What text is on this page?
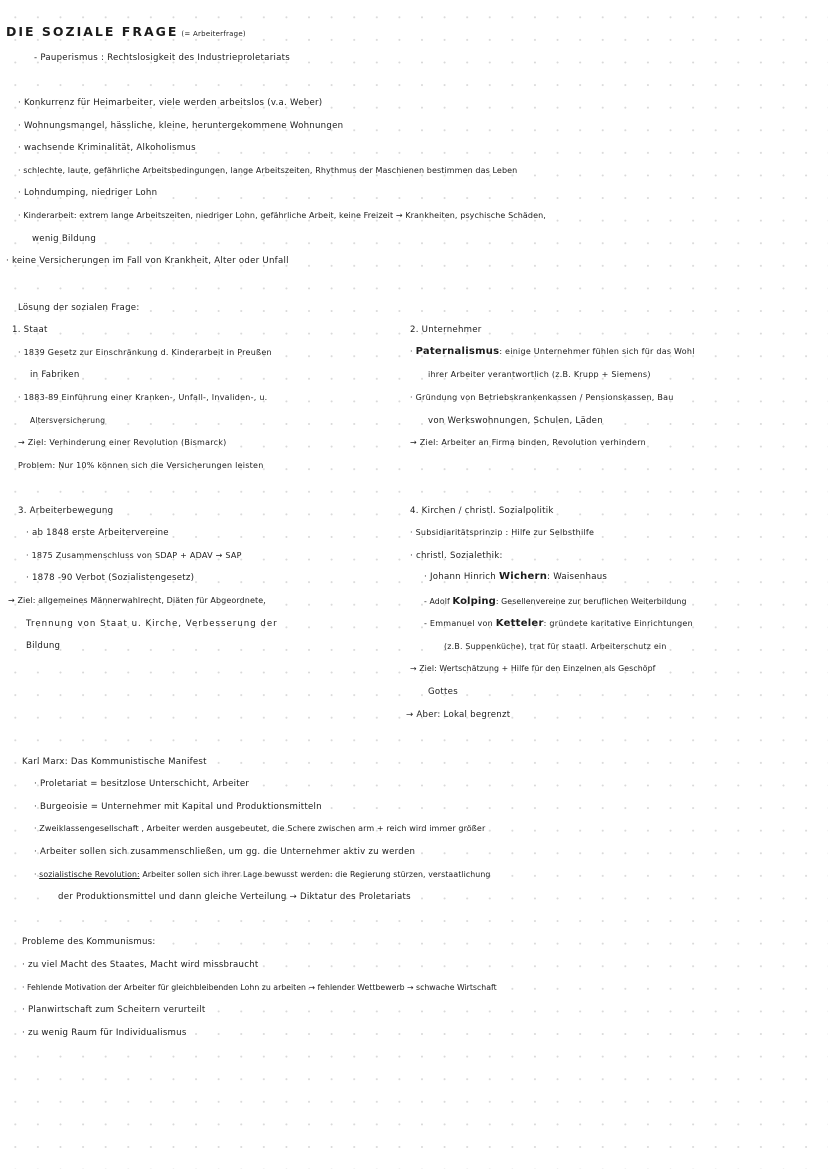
DIE SOZIALE FRAGE (= Arbeiterfrage)
- Pauperismus : Rechtslosigkeit des Industrieproletariats
· Konkurrenz für Heimarbeiter, viele werden arbeitslos (v.a. Weber)
· Wohnungsmangel, hässliche, kleine, heruntergekommene Wohnungen
· wachsende Kriminalität, Alkoholismus
· schlechte, laute, gefährliche Arbeitsbedingungen, lange Arbeitszeiten, Rhythmus der Maschienen bestimmen das Leben
· Lohndumping, niedriger Lohn
· Kinderarbeit: extrem lange Arbeitszeiten, niedriger Lohn, gefährliche Arbeit, keine Freizeit → Krankheiten, psychische Schäden,
wenig Bildung
· keine Versicherungen im Fall von Krankheit, Alter oder Unfall
Lösung der sozialen Frage:
1. Staat
· 1839 Gesetz zur Einschränkung d. Kinderarbeit in Preußen
in Fabriken
· 1883-89 Einführung einer Kranken-, Unfall-, Invaliden-, u.
Altersversicherung
→ Ziel: Verhinderung einer Revolution (Bismarck)
Problem: Nur 10% können sich die Versicherungen leisten
2. Unternehmer
· Paternalismus: einige Unternehmer fühlen sich für das Wohl
ihrer Arbeiter verantwortlich (z.B. Krupp + Siemens)
· Gründung von Betriebskrankenkassen / Pensionskassen, Bau
von Werkswohnungen, Schulen, Läden
→ Ziel: Arbeiter an Firma binden, Revolution verhindern
3. Arbeiterbewegung
· ab 1848 erste Arbeitervereine
· 1875 Zusammenschluss von SDAP + ADAV → SAP
· 1878 -90 Verbot (Sozialistengesetz)
→ Ziel: allgemeines Männerwahlrecht, Diäten für Abgeordnete,
Trennung von Staat u. Kirche, Verbesserung der
Bildung
4. Kirchen / christl. Sozialpolitik
· Subsidiaritätsprinzip : Hilfe zur Selbsthilfe
· christl. Sozialethik:
· Johann Hinrich Wichern: Waisenhaus
- Adolf Kolping: Gesellenvereine zur beruflichen Weiterbildung
- Emmanuel von Ketteler: gründete karitative Einrichtungen
(z.B. Suppenküche), trat für staatl. Arbeiterschutz ein
→ Ziel: Wertschätzung + Hilfe für den Einzelnen als Geschöpf
Gottes
→ Aber: Lokal begrenzt
Karl Marx: Das Kommunistische Manifest
· Proletariat = besitzlose Unterschicht, Arbeiter
· Burgeoisie = Unternehmer mit Kapital und Produktionsmitteln
· Zweiklassengesellschaft , Arbeiter werden ausgebeutet, die Schere zwischen arm + reich wird immer größer
· Arbeiter sollen sich zusammenschließen, um gg. die Unternehmer aktiv zu werden
· sozialistische Revolution: Arbeiter sollen sich ihrer Lage bewusst werden: die Regierung stürzen, verstaatlichung
der Produktionsmittel und dann gleiche Verteilung → Diktatur des Proletariats
Probleme des Kommunismus:
· zu viel Macht des Staates, Macht wird missbraucht
· Fehlende Motivation der Arbeiter für gleichbleibenden Lohn zu arbeiten → fehlender Wettbewerb → schwache Wirtschaft
· Planwirtschaft zum Scheitern verurteilt
· zu wenig Raum für Individualismus
